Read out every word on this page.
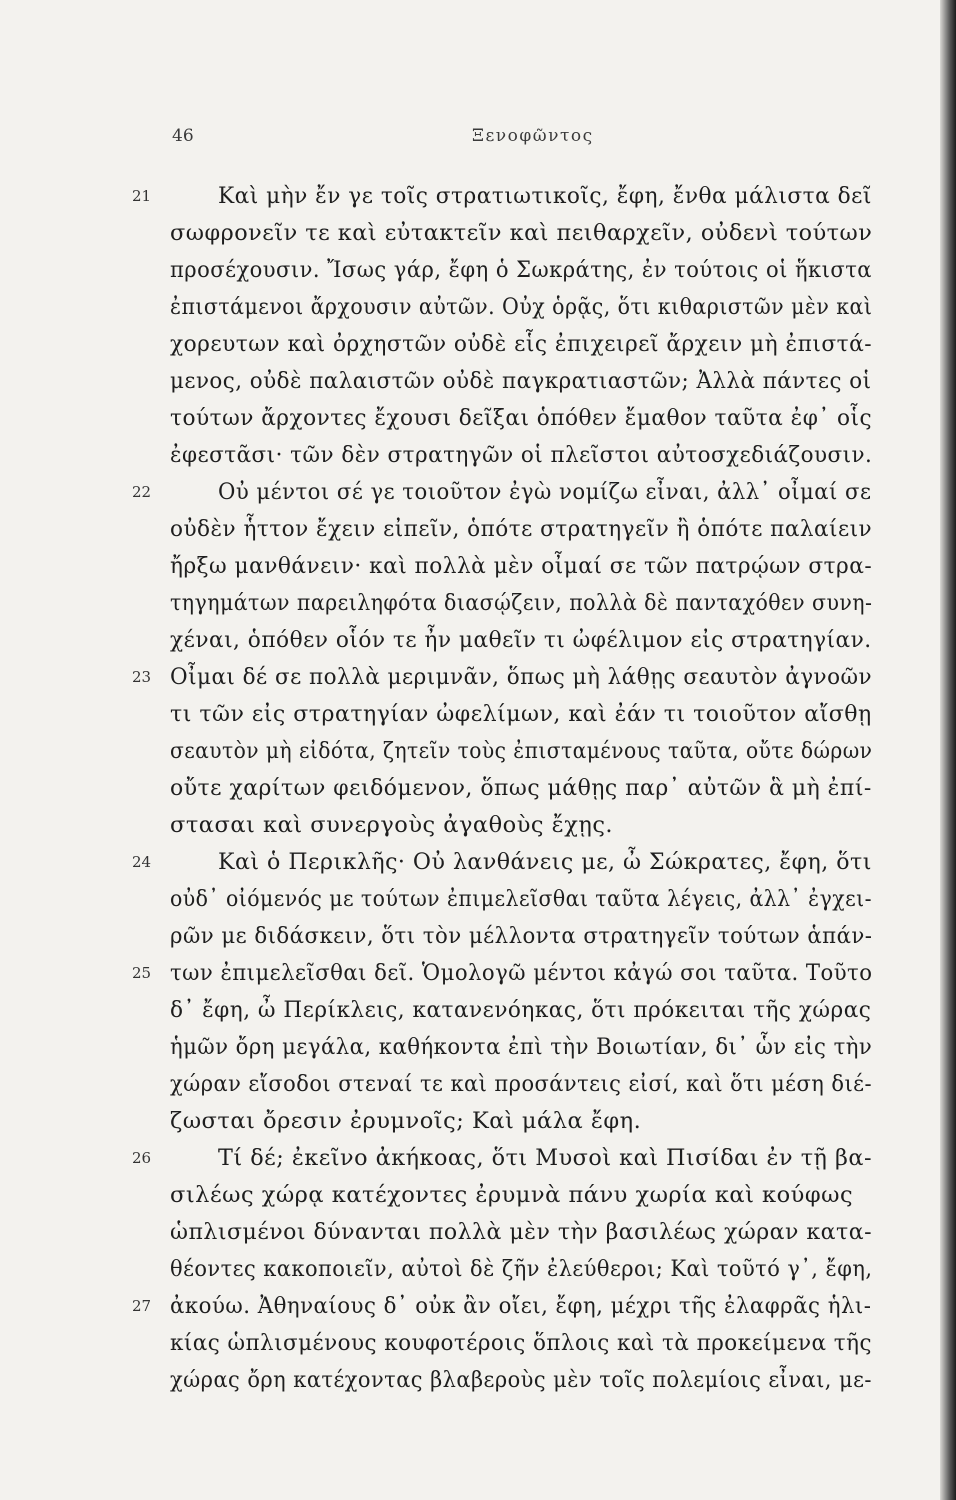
46	Ξενοφῶντος
21	Καὶ μὴν ἔν γε τοῖς στρατιωτικοῖς, ἔφη, ἔνθα μάλιστα δεῖ
σωφρονεῖν τε καὶ εὐτακτεῖν καὶ πειθαρχεῖν, οὐδενὶ τούτων
προσέχουσιν. Ἴσως γάρ, ἔφη ὁ Σωκράτης, ἐν τούτοις οἱ ἥκιστα
ἐπιστάμενοι ἄρχουσιν αὐτῶν. Οὐχ ὁρᾷς, ὅτι κιθαριστῶν μὲν καὶ
χορευτων καὶ ὀρχηστῶν οὐδὲ εἷς ἐπιχειρεῖ ἄρχειν μὴ ἐπιστά-
μενος, οὐδὲ παλαιστῶν οὐδὲ παγκρατιαστῶν; Ἀλλὰ πάντες οἱ
τούτων ἄρχοντες ἔχουσι δεῖξαι ὁπόθεν ἔμαθον ταῦτα ἐφ᾽ οἷς
ἐφεστᾶσι· τῶν δὲν στρατηγῶν οἱ πλεῖστοι αὐτοσχεδιάζουσιν.
22	Οὐ μέντοι σέ γε τοιοῦτον ἐγὼ νομίζω εἶναι, ἀλλ᾽ οἶμαί σε
οὐδὲν ἧττον ἔχειν εἰπεῖν, ὁπότε στρατηγεῖν ἢ ὁπότε παλαίειν
ἤρξω μανθάνειν· καὶ πολλὰ μὲν οἶμαί σε τῶν πατρῴων στρα-
τηγημάτων παρειληφότα διασῴζειν, πολλὰ δὲ πανταχόθεν συνη-
χέναι, ὁπόθεν οἷόν τε ἦν μαθεῖν τι ὠφέλιμον εἰς στρατηγίαν.
23 Οἶμαι δέ σε πολλὰ μεριμνᾶν, ὅπως μὴ λάθῃς σεαυτὸν ἀγνοῶν
τι τῶν εἰς στρατηγίαν ὠφελίμων, καὶ ἐάν τι τοιοῦτον αἴσθῃ
σεαυτὸν μὴ εἰδότα, ζητεῖν τοὺς ἐπισταμένους ταῦτα, οὔτε δώρων
οὔτε χαρίτων φειδόμενον, ὅπως μάθῃς παρ᾽ αὐτῶν ἃ μὴ ἐπί-
στασαι καὶ συνεργοὺς ἀγαθοὺς ἔχῃς.
24	Καὶ ὁ Περικλῆς· Οὐ λανθάνεις με, ὦ Σώκρατες, ἔφη, ὅτι
οὐδ᾽ οἰόμενός με τούτων ἐπιμελεῖσθαι ταῦτα λέγεις, ἀλλ᾽ ἐγχει-
ρῶν με διδάσκειν, ὅτι τὸν μέλλοντα στρατηγεῖν τούτων ἁπάν-
25 των ἐπιμελεῖσθαι δεῖ. Ὁμολογῶ μέντοι κἀγώ σοι ταῦτα. Τοῦτο
δ᾽ ἔφη, ὦ Περίκλεις, κατανενόηκας, ὅτι πρόκειται τῆς χώρας
ἡμῶν ὄρη μεγάλα, καθήκοντα ἐπὶ τὴν Βοιωτίαν, δι᾽ ὧν εἰς τὴν
χώραν εἴσοδοι στεναί τε καὶ προσάντεις εἰσί, καὶ ὅτι μέση διέ-
ζωσται ὄρεσιν ἐρυμνοῖς; Καὶ μάλα ἔφη.
26	Τί δέ; ἐκεῖνο ἀκήκοας, ὅτι Μυσοὶ καὶ Πισίδαι ἐν τῇ βα-
σιλέως χώρᾳ κατέχοντες ἐρυμνὰ πάνυ χωρία καὶ κούφως
ὡπλισμένοι δύνανται πολλὰ μὲν τὴν βασιλέως χώραν κατα-
θέοντες κακοποιεῖν, αὐτοὶ δὲ ζῆν ἐλεύθεροι; Καὶ τοῦτό γ᾽, ἔφη,
27 ἀκούω. Ἀθηναίους δ᾽ οὐκ ἂν οἴει, ἔφη, μέχρι τῆς ἐλαφρᾶς ἡλι-
κίας ὡπλισμένους κουφοτέροις ὅπλοις καὶ τὰ προκείμενα τῆς
χώρας ὄρη κατέχοντας βλαβεροὺς μὲν τοῖς πολεμίοις εἶναι, με-
